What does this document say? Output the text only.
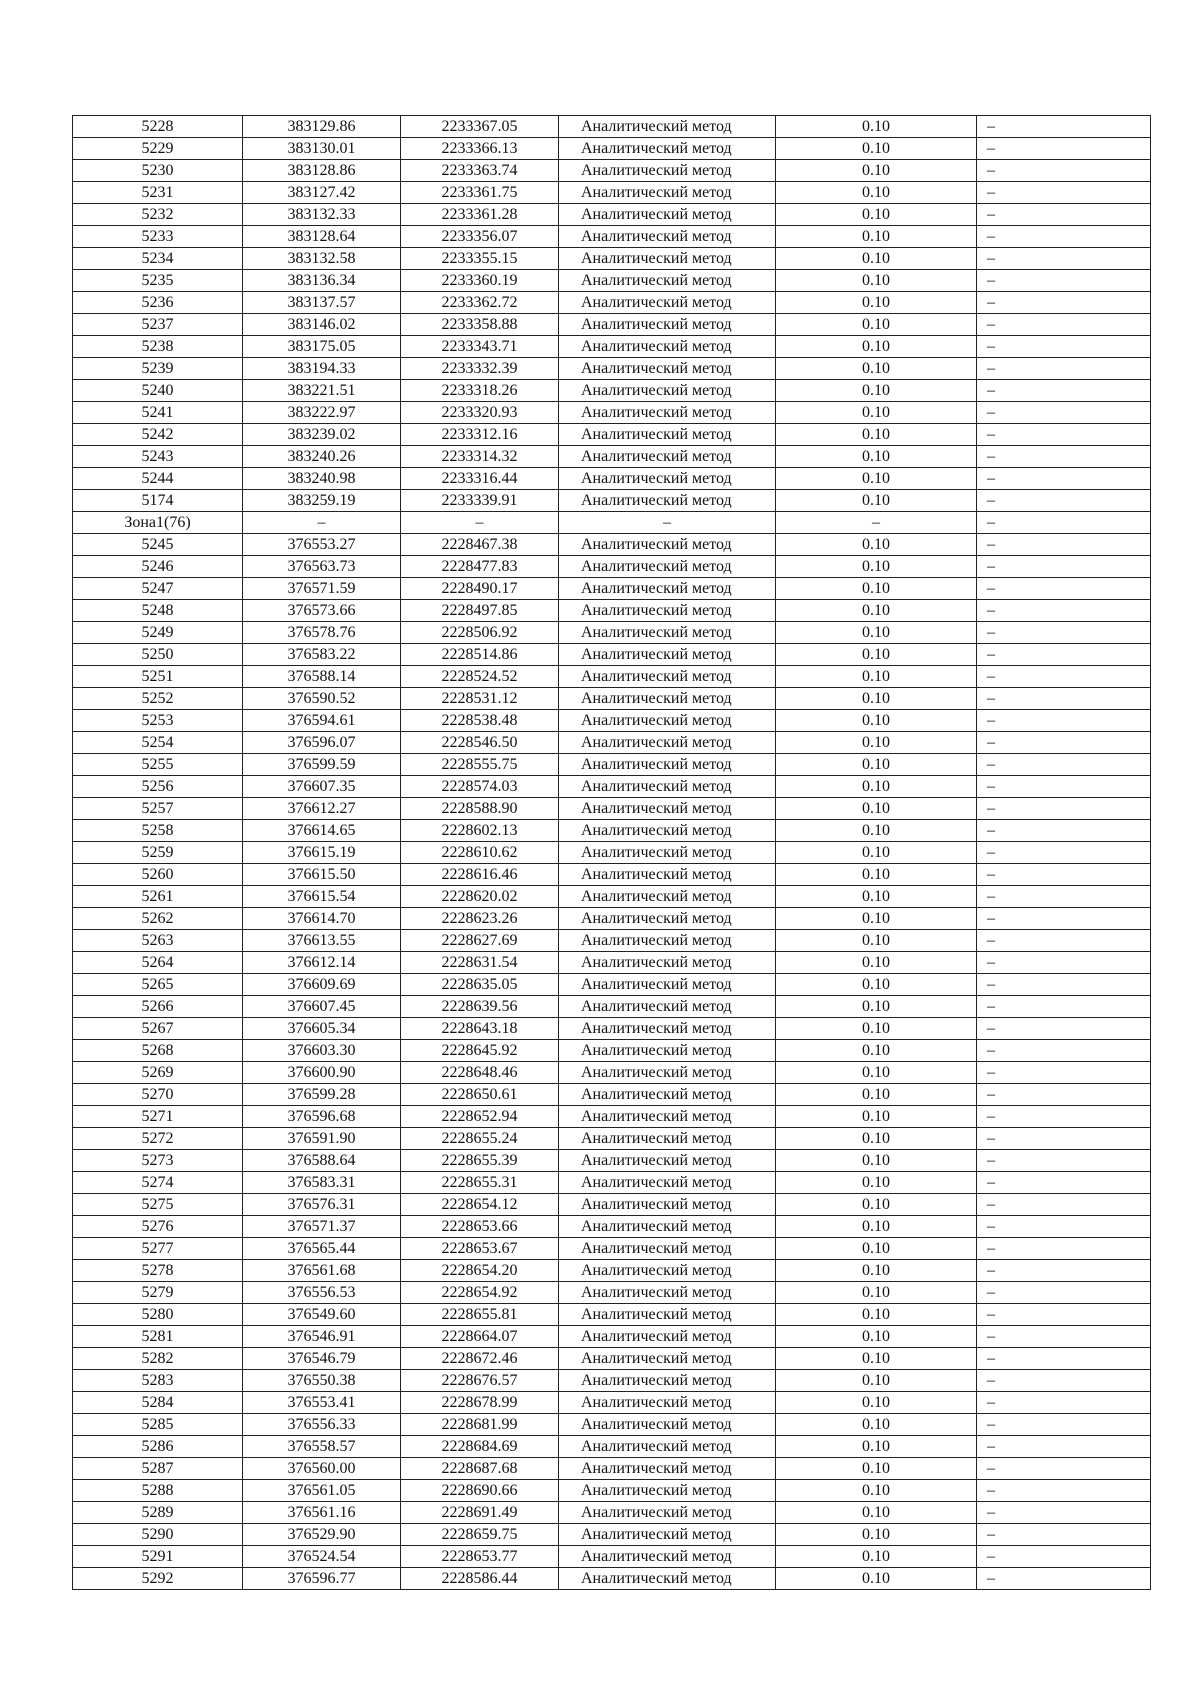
5228	383129.86	2233367.05	Аналитический метод	0.10	–
5229	383130.01	2233366.13	Аналитический метод	0.10	–
5230	383128.86	2233363.74	Аналитический метод	0.10	–
5231	383127.42	2233361.75	Аналитический метод	0.10	–
5232	383132.33	2233361.28	Аналитический метод	0.10	–
5233	383128.64	2233356.07	Аналитический метод	0.10	–
5234	383132.58	2233355.15	Аналитический метод	0.10	–
5235	383136.34	2233360.19	Аналитический метод	0.10	–
5236	383137.57	2233362.72	Аналитический метод	0.10	–
5237	383146.02	2233358.88	Аналитический метод	0.10	–
5238	383175.05	2233343.71	Аналитический метод	0.10	–
5239	383194.33	2233332.39	Аналитический метод	0.10	–
5240	383221.51	2233318.26	Аналитический метод	0.10	–
5241	383222.97	2233320.93	Аналитический метод	0.10	–
5242	383239.02	2233312.16	Аналитический метод	0.10	–
5243	383240.26	2233314.32	Аналитический метод	0.10	–
5244	383240.98	2233316.44	Аналитический метод	0.10	–
5174	383259.19	2233339.91	Аналитический метод	0.10	–
Зона1(76)	–	–	–	–	–
5245	376553.27	2228467.38	Аналитический метод	0.10	–
5246	376563.73	2228477.83	Аналитический метод	0.10	–
5247	376571.59	2228490.17	Аналитический метод	0.10	–
5248	376573.66	2228497.85	Аналитический метод	0.10	–
5249	376578.76	2228506.92	Аналитический метод	0.10	–
5250	376583.22	2228514.86	Аналитический метод	0.10	–
5251	376588.14	2228524.52	Аналитический метод	0.10	–
5252	376590.52	2228531.12	Аналитический метод	0.10	–
5253	376594.61	2228538.48	Аналитический метод	0.10	–
5254	376596.07	2228546.50	Аналитический метод	0.10	–
5255	376599.59	2228555.75	Аналитический метод	0.10	–
5256	376607.35	2228574.03	Аналитический метод	0.10	–
5257	376612.27	2228588.90	Аналитический метод	0.10	–
5258	376614.65	2228602.13	Аналитический метод	0.10	–
5259	376615.19	2228610.62	Аналитический метод	0.10	–
5260	376615.50	2228616.46	Аналитический метод	0.10	–
5261	376615.54	2228620.02	Аналитический метод	0.10	–
5262	376614.70	2228623.26	Аналитический метод	0.10	–
5263	376613.55	2228627.69	Аналитический метод	0.10	–
5264	376612.14	2228631.54	Аналитический метод	0.10	–
5265	376609.69	2228635.05	Аналитический метод	0.10	–
5266	376607.45	2228639.56	Аналитический метод	0.10	–
5267	376605.34	2228643.18	Аналитический метод	0.10	–
5268	376603.30	2228645.92	Аналитический метод	0.10	–
5269	376600.90	2228648.46	Аналитический метод	0.10	–
5270	376599.28	2228650.61	Аналитический метод	0.10	–
5271	376596.68	2228652.94	Аналитический метод	0.10	–
5272	376591.90	2228655.24	Аналитический метод	0.10	–
5273	376588.64	2228655.39	Аналитический метод	0.10	–
5274	376583.31	2228655.31	Аналитический метод	0.10	–
5275	376576.31	2228654.12	Аналитический метод	0.10	–
5276	376571.37	2228653.66	Аналитический метод	0.10	–
5277	376565.44	2228653.67	Аналитический метод	0.10	–
5278	376561.68	2228654.20	Аналитический метод	0.10	–
5279	376556.53	2228654.92	Аналитический метод	0.10	–
5280	376549.60	2228655.81	Аналитический метод	0.10	–
5281	376546.91	2228664.07	Аналитический метод	0.10	–
5282	376546.79	2228672.46	Аналитический метод	0.10	–
5283	376550.38	2228676.57	Аналитический метод	0.10	–
5284	376553.41	2228678.99	Аналитический метод	0.10	–
5285	376556.33	2228681.99	Аналитический метод	0.10	–
5286	376558.57	2228684.69	Аналитический метод	0.10	–
5287	376560.00	2228687.68	Аналитический метод	0.10	–
5288	376561.05	2228690.66	Аналитический метод	0.10	–
5289	376561.16	2228691.49	Аналитический метод	0.10	–
5290	376529.90	2228659.75	Аналитический метод	0.10	–
5291	376524.54	2228653.77	Аналитический метод	0.10	–
5292	376596.77	2228586.44	Аналитический метод	0.10	–
